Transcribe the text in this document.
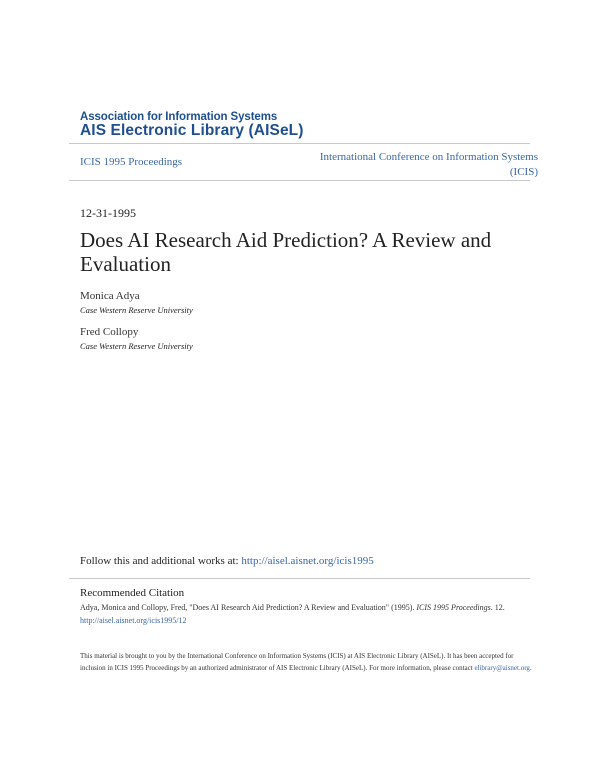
Association for Information Systems
AIS Electronic Library (AISeL)
ICIS 1995 Proceedings	International Conference on Information Systems
(ICIS)
12-31-1995
Does AI Research Aid Prediction? A Review and Evaluation
Monica Adya
Case Western Reserve University
Fred Collopy
Case Western Reserve University
Follow this and additional works at: http://aisel.aisnet.org/icis1995
Recommended Citation
Adya, Monica and Collopy, Fred, "Does AI Research Aid Prediction? A Review and Evaluation" (1995). ICIS 1995 Proceedings. 12.
http://aisel.aisnet.org/icis1995/12
This material is brought to you by the International Conference on Information Systems (ICIS) at AIS Electronic Library (AISeL). It has been accepted for inclusion in ICIS 1995 Proceedings by an authorized administrator of AIS Electronic Library (AISeL). For more information, please contact elibrary@aisnet.org.
